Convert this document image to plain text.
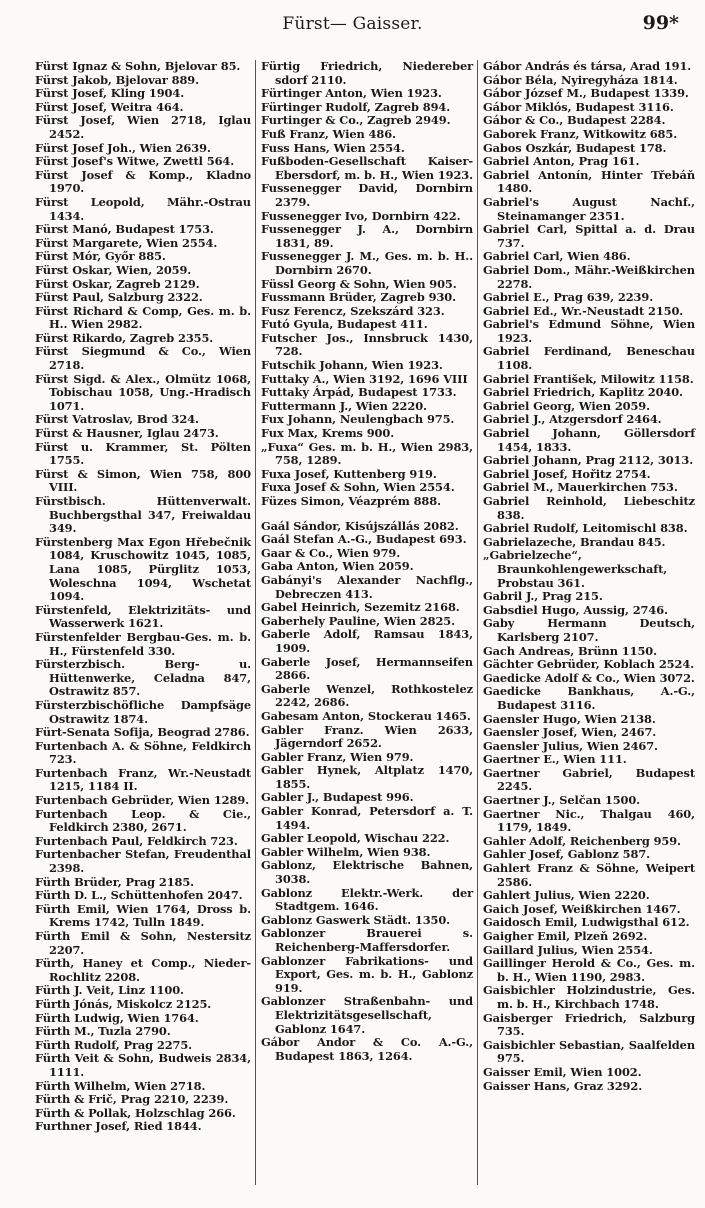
Fürst— Gaisser.	99*
Fürst Ignaz & Sohn, Bjelovar 85.
Fürst Jakob, Bjelovar 889.
Fürst Josef, Kling 1904.
Fürst Josef, Weitra 464.
Fürst Josef, Wien 2718, Iglau 2452.
Fürst Josef Joh., Wien 2639.
Fürst Josef's Witwe, Zwettl 564.
Fürst Josef & Komp., Kladno 1970.
Fürst Leopold, Mähr.-Ostrau 1434.
Fürst Manó, Budapest 1753.
Fürst Margarete, Wien 2554.
Fürst Mór, Győr 885.
Fürst Oskar, Wien, 2059.
Fürst Oskar, Zagreb 2129.
Fürst Paul, Salzburg 2322.
Fürst Richard & Comp, Ges. m. b. H.. Wien 2982.
Fürst Rikardo, Zagreb 2355.
Fürst Siegmund & Co., Wien 2718.
Fürst Sigd. & Alex., Olmütz 1068, Tobischau 1058, Ung.-Hradisch 1071.
Fürst Vatroslav, Brod 324.
Fürst & Hausner, Iglau 2473.
Fürst u. Krammer, St. Pölten 1755.
Fürst & Simon, Wien 758, 800 VIII.
Fürstbisch. Hüttenverwalt. Buchbergsthal 347, Freiwaldau 349.
Fürstenberg Max Egon Hřebečnik 1084, Kruschowitz 1045, 1085, Lana 1085, Pürglitz 1053, Woleschna 1094, Wschetat 1094.
Fürstenfeld, Elektrizitäts- und Wasserwerk 1621.
Fürstenfelder Bergbau-Ges. m. b. H., Fürstenfeld 330.
Fürsterzbisch. Berg- u. Hüttenwerke, Celadna 847, Ostrawitz 857.
Fürsterzbischöfliche Dampfsäge Ostrawitz 1874.
Fürt-Senata Sofija, Beograd 2786.
Furtenbach A. & Söhne, Feldkirch 723.
Furtenbach Franz, Wr.-Neustadt 1215, 1184 II.
Furtenbach Gebrüder, Wien 1289.
Furtenbach Leop. & Cie., Feldkirch 2380, 2671.
Furtenbach Paul, Feldkirch 723.
Furtenbacher Stefan, Freudenthal 2398.
Fürth Brüder, Prag 2185.
Fürth D. L., Schüttenhofen 2047.
Fürth Emil, Wien 1764, Dross b. Krems 1742, Tulln 1849.
Fürth Emil & Sohn, Nestersitz 2207.
Fürth, Haney et Comp., Nieder-Rochlitz 2208.
Fürth J. Veit, Linz 1100.
Fürth Jónás, Miskolcz 2125.
Fürth Ludwig, Wien 1764.
Fürth M., Tuzla 2790.
Fürth Rudolf, Prag 2275.
Fürth Veit & Sohn, Budweis 2834, 1111.
Fürth Wilhelm, Wien 2718.
Fürth & Frič, Prag 2210, 2239.
Fürth & Pollak, Holzschlag 266.
Furthner Josef, Ried 1844.
Fürtig Friedrich, Niedereber sdorf 2110.
Fürtinger Anton, Wien 1923.
Fürtinger Rudolf, Zagreb 894.
Furtinger & Co., Zagreb 2949.
Fuß Franz, Wien 486.
Fuss Hans, Wien 2554.
Fußboden-Gesellschaft Kaiser-Ebersdorf, m. b. H., Wien 1923.
Fussenegger David, Dornbirn 2379.
Fussenegger Ivo, Dornbirn 422.
Fussenegger J. A., Dornbirn 1831, 89.
Fussenegger J. M., Ges. m. b. H.. Dornbirn 2670.
Füssl Georg & Sohn, Wien 905.
Fussmann Brüder, Zagreb 930.
Fusz Ferencz, Szekszárd 323.
Futó Gyula, Budapest 411.
Futscher Jos., Innsbruck 1430, 728.
Futschik Johann, Wien 1923.
Futtaky A., Wien 3192, 1696 VIII
Futtaky Árpád, Budapest 1733.
Futtermann J., Wien 2220.
Fux Johann, Neulengbach 975.
Fux Max, Krems 900.
„Fuxa“ Ges. m. b. H., Wien 2983, 758, 1289.
Fuxa Josef, Kuttenberg 919.
Fuxa Josef & Sohn, Wien 2554.
Füzes Simon, Véazprém 888.
Gaál Sándor, Kisújszállás 2082.
Gaál Stefan A.-G., Budapest 693.
Gaar & Co., Wien 979.
Gaba Anton, Wien 2059.
Gabányi's Alexander Nachflg., Debreczen 413.
Gabel Heinrich, Sezemitz 2168.
Gaberhely Pauline, Wien 2825.
Gaberle Adolf, Ramsau 1843, 1909.
Gaberle Josef, Hermannseifen 2866.
Gaberle Wenzel, Rothkostelez 2242, 2686.
Gabesam Anton, Stockerau 1465.
Gabler Franz. Wien 2633, Jägerndorf 2652.
Gabler Franz, Wien 979.
Gabler Hynek, Altplatz 1470, 1855.
Gabler J., Budapest 996.
Gabler Konrad, Petersdorf a. T. 1494.
Gabler Leopold, Wischau 222.
Gabler Wilhelm, Wien 938.
Gablonz, Elektrische Bahnen, 3038.
Gablonz Elektr.-Werk. der Stadtgem. 1646.
Gablonz Gaswerk Städt. 1350.
Gablonzer Brauerei s. Reichenberg-Maffersdorfer.
Gablonzer Fabrikations- und Export, Ges. m. b. H., Gablonz 919.
Gablonzer Straßenbahn- und Elektrizitätsgesellschaft, Gablonz 1647.
Gábor Andor & Co. A.-G., Budapest 1863, 1264.
Gábor András és társa, Arad 191.
Gábor Béla, Nyiregyháza 1814.
Gábor József M., Budapest 1339.
Gábor Miklós, Budapest 3116.
Gábor & Co., Budapest 2284.
Gaborek Franz, Witkowitz 685.
Gabos Oszkár, Budapest 178.
Gabriel Anton, Prag 161.
Gabriel Antonín, Hinter Třebáň 1480.
Gabriel's August Nachf., Steinamanger 2351.
Gabriel Carl, Spittal a. d. Drau 737.
Gabriel Carl, Wien 486.
Gabriel Dom., Mähr.-Weißkirchen 2278.
Gabriel E., Prag 639, 2239.
Gabriel Ed., Wr.-Neustadt 2150.
Gabriel's Edmund Söhne, Wien 1923.
Gabriel Ferdinand, Beneschau 1108.
Gabriel František, Milowitz 1158.
Gabriel Friedrich, Kaplitz 2040.
Gabriel Georg, Wien 2059.
Gabriel J., Atzgersdorf 2464.
Gabriel Johann, Göllersdorf 1454, 1833.
Gabriel Johann, Prag 2112, 3013.
Gabriel Josef, Hořitz 2754.
Gabriel M., Mauerkirchen 753.
Gabriel Reinhold, Liebeschitz 838.
Gabriel Rudolf, Leitomischl 838.
Gabrielazeche, Brandau 845.
„Gabrielzeche“, Braunkohlengewerkschaft, Probstau 361.
Gabril J., Prag 215.
Gabsdiel Hugo, Aussig, 2746.
Gaby Hermann Deutsch, Karlsberg 2107.
Gach Andreas, Brünn 1150.
Gächter Gebrüder, Koblach 2524.
Gaedicke Adolf & Co., Wien 3072.
Gaedicke Bankhaus, A.-G., Budapest 3116.
Gaensler Hugo, Wien 2138.
Gaensler Josef, Wien, 2467.
Gaensler Julius, Wien 2467.
Gaertner E., Wien 111.
Gaertner Gabriel, Budapest 2245.
Gaertner J., Selčan 1500.
Gaertner Nic., Thalgau 460, 1179, 1849.
Gahler Adolf, Reichenberg 959.
Gahler Josef, Gablonz 587.
Gahlert Franz & Söhne, Weipert 2586.
Gahlert Julius, Wien 2220.
Gaich Josef, Weißkirchen 1467.
Gaidosch Emil, Ludwigsthal 612.
Gaigher Emil, Plzeň 2692.
Gaillard Julius, Wien 2554.
Gaillinger Herold & Co., Ges. m. b. H., Wien 1190, 2983.
Gaisbichler Holzindustrie, Ges. m. b. H., Kirchbach 1748.
Gaisberger Friedrich, Salzburg 735.
Gaisbichler Sebastian, Saalfelden 975.
Gaisser Emil, Wien 1002.
Gaisser Hans, Graz 3292.
